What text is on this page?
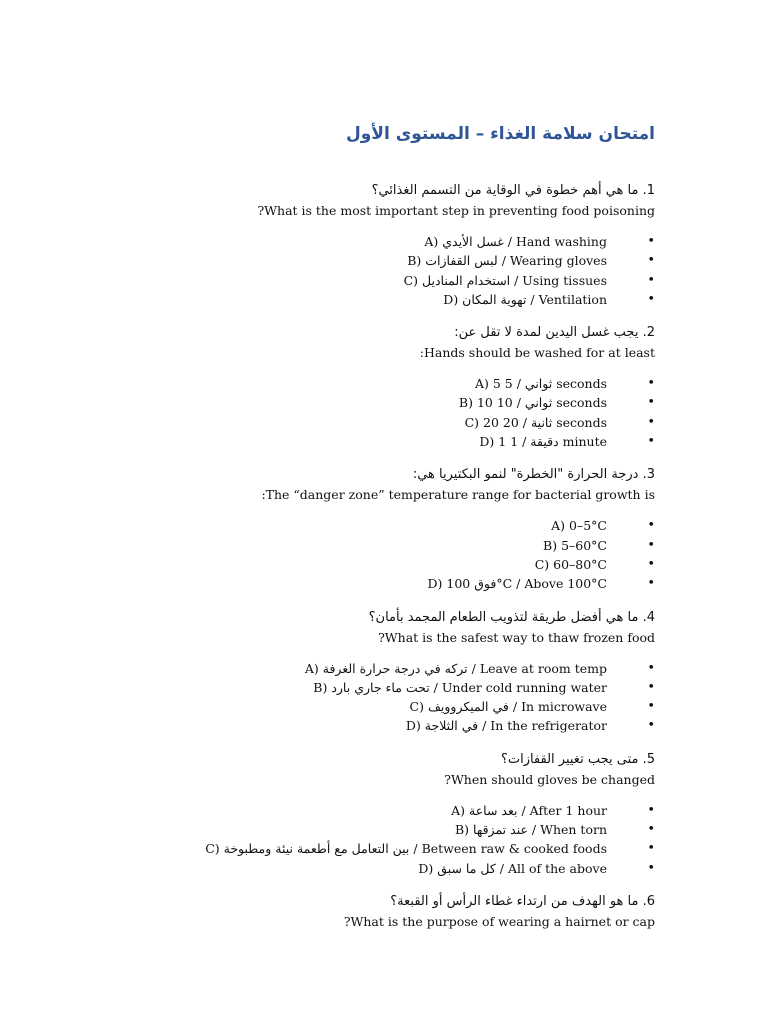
امتحان سلامة الغذاء – المستوى الأول
1. ما هي أهم خطوة في الوقاية من التسمم الغذائي؟
What is the most important step in preventing food poisoning?
• A) غسل الأيدي / Hand washing
• B) لبس القفازات / Wearing gloves
• C) استخدام المناديل / Using tissues
• D) تهوية المكان / Ventilation
2. يجب غسل اليدين لمدة لا تقل عن:
Hands should be washed for at least:
• A) 5 ثواني / 5 seconds
• B) 10 ثواني / 10 seconds
• C) 20 ثانية / 20 seconds
• D) 1 دقيقة / 1 minute
3. درجة الحرارة "الخطرة" لنمو البكتيريا هي:
The “danger zone” temperature range for bacterial growth is:
• A) 0–5°C
• B) 5–60°C
• C) 60–80°C
• D) فوق 100°C / Above 100°C
4. ما هي أفضل طريقة لتذويب الطعام المجمد بأمان؟
What is the safest way to thaw frozen food?
• A) تركه في درجة حرارة الغرفة / Leave at room temp
• B) تحت ماء جاري بارد / Under cold running water
• C) في الميكروويف / In microwave
• D) في الثلاجة / In the refrigerator
5. متى يجب تغيير القفازات؟
When should gloves be changed?
• A) بعد ساعة / After 1 hour
• B) عند تمزقها / When torn
• C) بين التعامل مع أطعمة نيئة ومطبوخة / Between raw & cooked foods
• D) كل ما سبق / All of the above
6. ما هو الهدف من ارتداء غطاء الرأس أو القبعة؟
What is the purpose of wearing a hairnet or cap?
